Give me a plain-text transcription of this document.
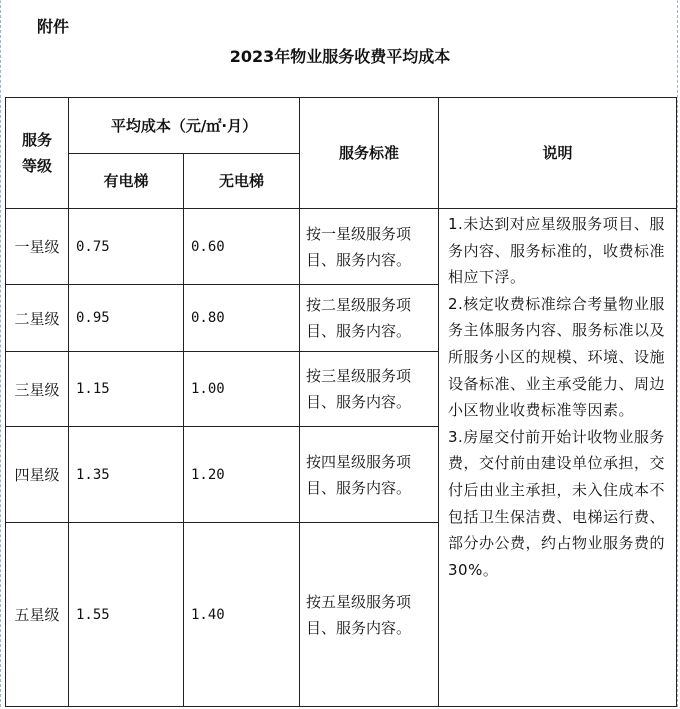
附件
2023年物业服务收费平均成本
服务
等级	平均成本（元/㎡·月）		服务标准	说明
	有电梯	无电梯		
一星级	0.75	0.60	按一星级服务项目、服务内容。	1.未达到对应星级服务项目、服务内容、服务标准的，收费标准相应下浮。

2.核定收费标准综合考量物业服务主体服务内容、服务标准以及所服务小区的规模、环境、设施设备标准、业主承受能力、周边小区物业收费标准等因素。

3.房屋交付前开始计收物业服务费，交付前由建设单位承担，交付后由业主承担，未入住成本不包括卫生保洁费、电梯运行费、部分办公费，约占物业服务费的30%。

二星级	0.95	0.80	按二星级服务项目、服务内容。	
三星级	1.15	1.00	按三星级服务项目、服务内容。	
四星级	1.35	1.20	按四星级服务项目、服务内容。	
五星级	1.55	1.40	按五星级服务项目、服务内容。	
